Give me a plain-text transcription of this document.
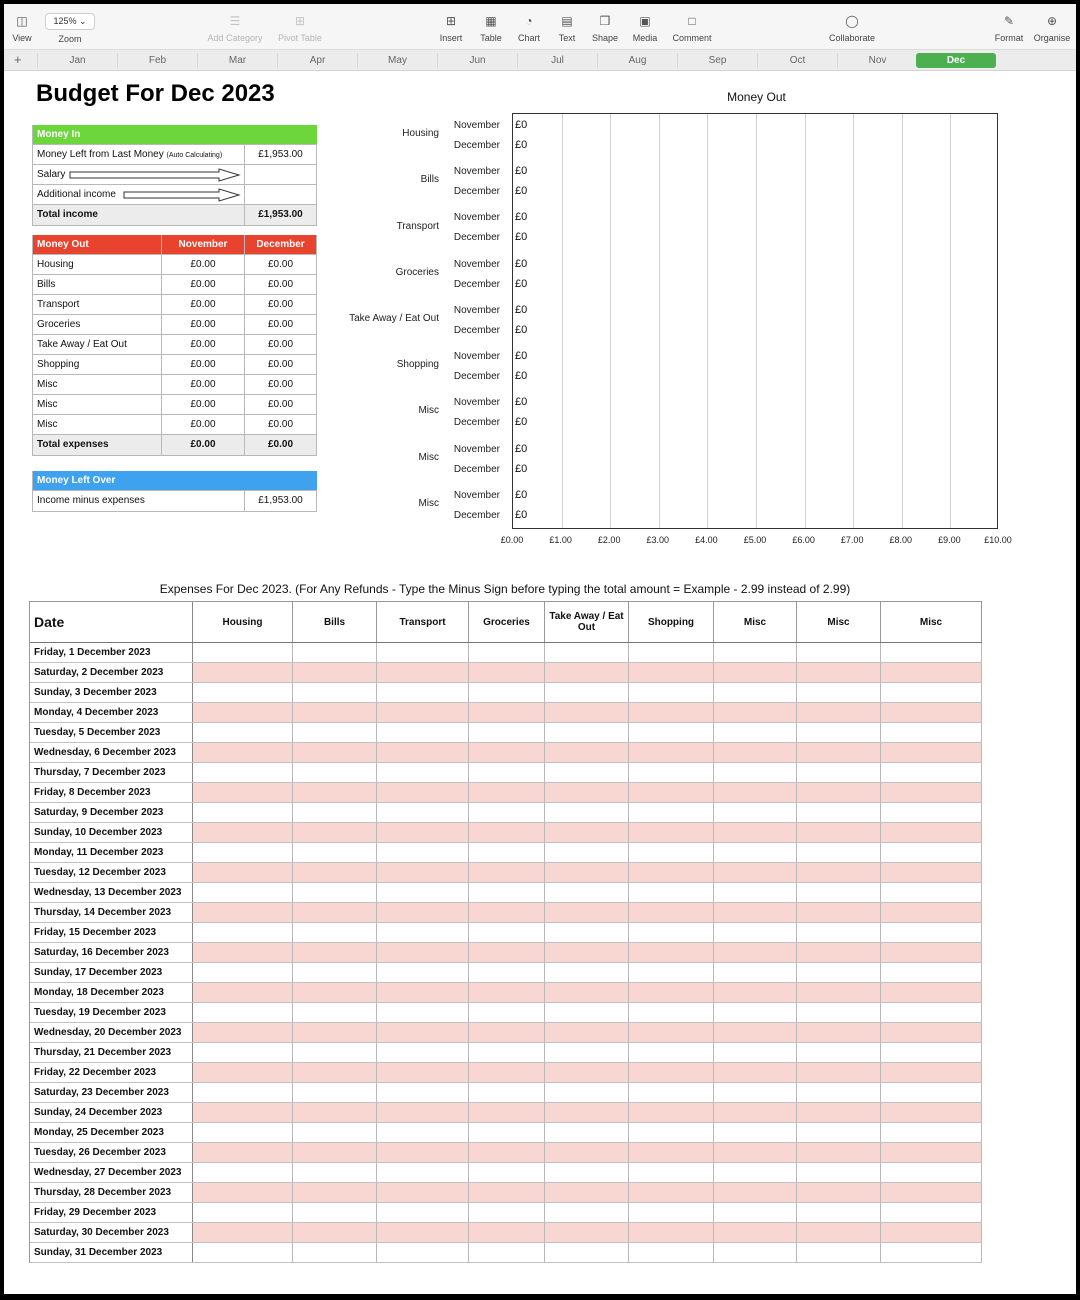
◫
View
125% ⌄
Zoom
☰
Add Category
⊞
Pivot Table
⊞
Insert
▦
Table
◔
Chart
▤
Text
❒
Shape
▣
Media
□
Comment
◯
Collaborate
✎
Format
⊕
Organise
+	Jan	Feb	Mar	Apr	May	Jun	Jul	Aug	Sep	Oct	Nov	Dec
Budget For Dec 2023
Money In
Money Left from Last Money (Auto Calculating)	£1,953.00
Salary
Additional income
Total income	£1,953.00
Money Out	November	December
Housing	£0.00	£0.00
Bills	£0.00	£0.00
Transport	£0.00	£0.00
Groceries	£0.00	£0.00
Take Away / Eat Out	£0.00	£0.00
Shopping	£0.00	£0.00
Misc	£0.00	£0.00
Misc	£0.00	£0.00
Misc	£0.00	£0.00
Total expenses	£0.00	£0.00
Money Left Over
Income minus expenses	£1,953.00
Money Out
£0.00	£1.00	£2.00	£3.00	£4.00	£5.00	£6.00	£7.00	£8.00	£9.00	£10.00
Housing
November £0
December £0
Bills
November £0
December £0
Transport
November £0
December £0
Groceries
November £0
December £0
Take Away / Eat Out
November £0
December £0
Shopping
November £0
December £0
Misc
November £0
December £0
Misc
November £0
December £0
Misc
November £0
December £0
Expenses For Dec 2023. (For Any Refunds - Type the Minus Sign before typing the total amount = Example - 2.99 instead of 2.99)
Date	Housing	Bills	Transport	Groceries	Take Away / Eat Out	Shopping	Misc	Misc	Misc
Friday, 1 December 2023
Saturday, 2 December 2023
Sunday, 3 December 2023
Monday, 4 December 2023
Tuesday, 5 December 2023
Wednesday, 6 December 2023
Thursday, 7 December 2023
Friday, 8 December 2023
Saturday, 9 December 2023
Sunday, 10 December 2023
Monday, 11 December 2023
Tuesday, 12 December 2023
Wednesday, 13 December 2023
Thursday, 14 December 2023
Friday, 15 December 2023
Saturday, 16 December 2023
Sunday, 17 December 2023
Monday, 18 December 2023
Tuesday, 19 December 2023
Wednesday, 20 December 2023
Thursday, 21 December 2023
Friday, 22 December 2023
Saturday, 23 December 2023
Sunday, 24 December 2023
Monday, 25 December 2023
Tuesday, 26 December 2023
Wednesday, 27 December 2023
Thursday, 28 December 2023
Friday, 29 December 2023
Saturday, 30 December 2023
Sunday, 31 December 2023
